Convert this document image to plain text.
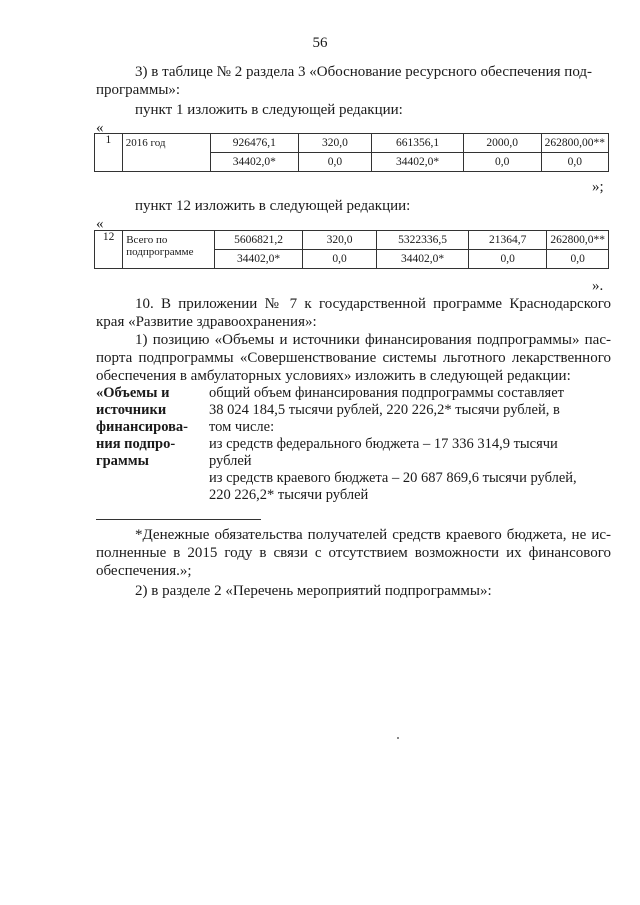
56
3) в таблице № 2 раздела 3 «Обоснование ресурсного обеспечения под-
программы»:
пункт 1 изложить в следующей редакции:
«
1	2016 год	926476,1	320,0	661356,1	2000,0	262800,00**
		34402,0*	0,0	34402,0*	0,0	0,0
»;
пункт 12 изложить в следующей редакции:
«
12	Всего по подпрограмме	5606821,2	320,0	5322336,5	21364,7	262800,0**
		34402,0*	0,0	34402,0*	0,0	0,0
».
10. В приложении № 7 к государственной программе Краснодарского
края «Развитие здравоохранения»:
1) позицию «Объемы и источники финансирования подпрограммы» пас-
порта подпрограммы «Совершенствование системы льготного лекарственного
обеспечения в амбулаторных условиях» изложить в следующей редакции:
«Объемы и
источники
финансирова-
ния подпро-
граммы
общий объем финансирования подпрограммы составляет
38 024 184,5 тысячи рублей, 220 226,2* тысячи рублей, в
том числе:
из средств федерального бюджета – 17 336 314,9 тысячи
рублей
из средств краевого бюджета – 20 687 869,6 тысячи рублей,
220 226,2* тысячи рублей
*Денежные обязательства получателей средств краевого бюджета, не ис-
полненные в 2015 году в связи с отсутствием возможности их финансового
обеспечения.»;
2) в разделе 2 «Перечень мероприятий подпрограммы»:
